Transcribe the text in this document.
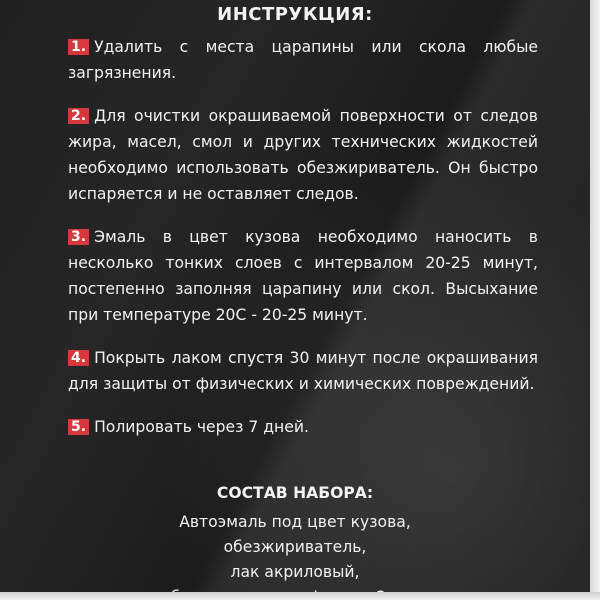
ИНСТРУКЦИЯ:
1. Удалить с места царапины или скола любые загрязнения.
2. Для очистки окрашиваемой поверхности от следов жира, масел, смол и других технических жидкостей необходимо использовать обезжириватель. Он быстро испаряется и не оставляет следов.
3. Эмаль в цвет кузова необходимо наносить в несколько тонких слоев с интервалом 20-25 минут, постепенно заполняя царапину или скол. Высыхание при температуре 20С - 20-25 минут.
4. Покрыть лаком спустя 30 минут после окрашивания для защиты от физических и химических повреждений.
5. Полировать через 7 дней.
СОСТАВ НАБОРА:
Автоэмаль под цвет кузова,
обезжириватель,
лак акриловый,
